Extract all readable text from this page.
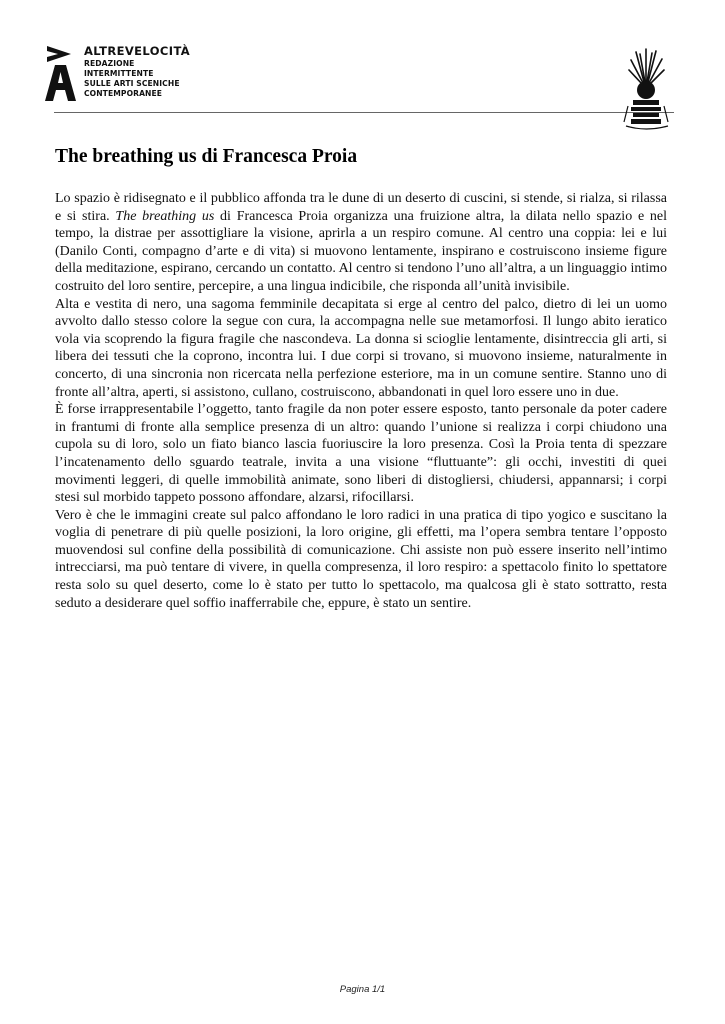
ALTREVELOCITÀ
REDAZIONE
INTERMITTENTE
SULLE ARTI SCENICHE
CONTEMPORANEE
The breathing us di Francesca Proia

Lo spazio è ridisegnato e il pubblico affonda tra le dune di un deserto di cuscini, si stende, si rialza, si rilassa e si stira. The breathing us di Francesca Proia organizza una fruizione altra, la dilata nello spazio e nel tempo, la distrae per assottigliare la visione, aprirla a un respiro comune. Al centro una coppia: lei e lui (Danilo Conti, compagno d’arte e di vita) si muovono lentamente, inspirano e costruiscono insieme figure della meditazione, espirano, cercando un contatto. Al centro si tendono l’uno all’altra, a un linguaggio intimo costruito del loro sentire, percepire, a una lingua indicibile, che risponda all’unità invisibile.

Alta e vestita di nero, una sagoma femminile decapitata si erge al centro del palco, dietro di lei un uomo avvolto dallo stesso colore la segue con cura, la accompagna nelle sue metamorfosi. Il lungo abito ieratico vola via scoprendo la figura fragile che nascondeva. La donna si scioglie lentamente, disintreccia gli arti, si libera dei tessuti che la coprono, incontra lui. I due corpi si trovano, si muovono insieme, naturalmente in concerto, di una sincronia non ricercata nella perfezione esteriore, ma in un comune sentire. Stanno uno di fronte all’altra, aperti, si assistono, cullano, costruiscono, abbandonati in quel loro essere uno in due.

È forse irrappresentabile l’oggetto, tanto fragile da non poter essere esposto, tanto personale da poter cadere in frantumi di fronte alla semplice presenza di un altro: quando l’unione si realizza i corpi chiudono una cupola su di loro, solo un fiato bianco lascia fuoriuscire la loro presenza. Così la Proia tenta di spezzare l’incatenamento dello sguardo teatrale, invita a una visione “fluttuante”: gli occhi, investiti di quei movimenti leggeri, di quelle immobilità animate, sono liberi di distogliersi, chiudersi, appannarsi; i corpi stesi sul morbido tappeto possono affondare, alzarsi, rifocillarsi.

Vero è che le immagini create sul palco affondano le loro radici in una pratica di tipo yogico e suscitano la voglia di penetrare di più quelle posizioni, la loro origine, gli effetti, ma l’opera sembra tentare l’opposto muovendosi sul confine della possibilità di comunicazione. Chi assiste non può essere inserito nell’intimo intrecciarsi, ma può tentare di vivere, in quella compresenza, il loro respiro: a spettacolo finito lo spettatore resta solo su quel deserto, come lo è stato per tutto lo spettacolo, ma qualcosa gli è stato sottratto, resta seduto a desiderare quel soffio inafferrabile che, eppure, è stato un sentire.

Pagina 1/1
